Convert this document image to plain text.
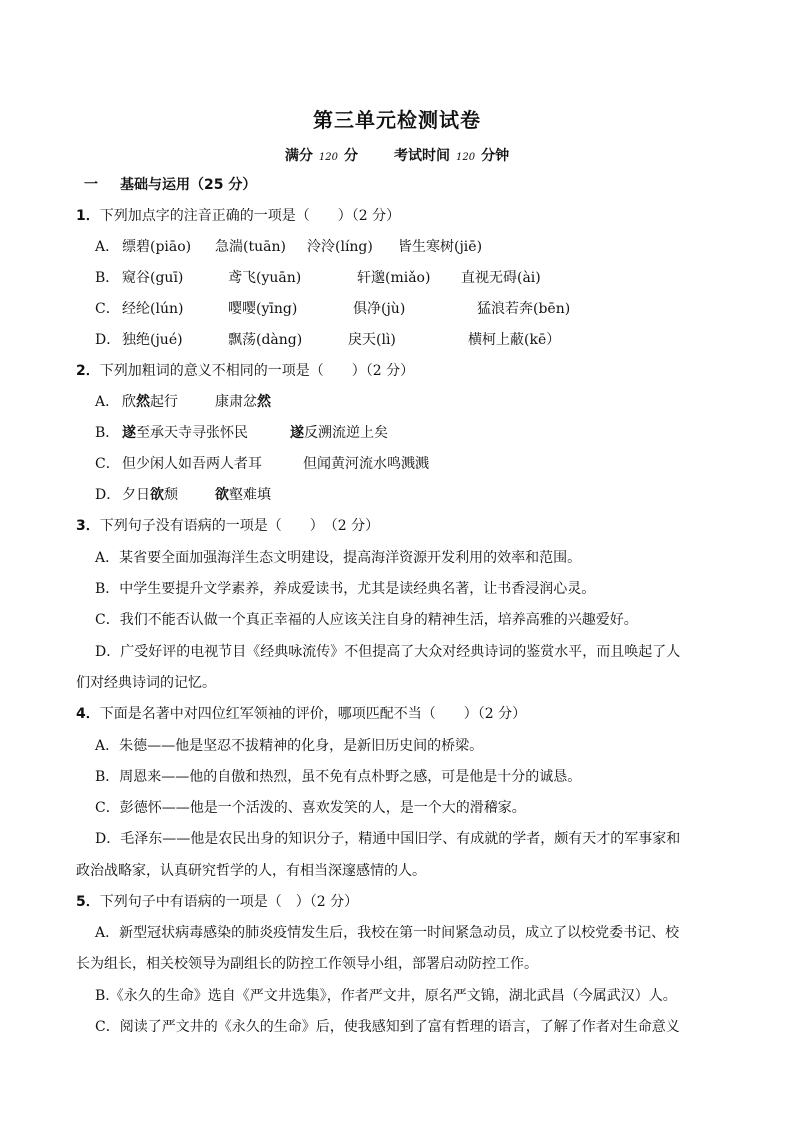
第三单元检测试卷
满分 120 分	考试时间 120 分钟
一 基础与运用（25 分）
1．下列加点字的注音正确的一项是（　　）（2 分）
A． 缥碧(piāo) 急湍(tuān) 泠泠(líng) 皆生寒树(jiē)
B． 窥谷(guī)	鸢飞(yuān)	轩邈(miǎo) 直视无碍(ài)
C． 经纶(lún)	嘤嘤(yīng)	俱净(jù)	猛浪若奔(bēn)
D． 独绝(jué)	飘荡(dàng)	戾天(lì)	横柯上蔽(kē）
2．下列加粗词的意义不相同的一项是（　　）（2 分）
A． 欣然起行	康肃忿然
B． 遂至承天寺寻张怀民	遂反溯流逆上矣
C． 但少闲人如吾两人者耳	但闻黄河流水鸣溅溅
D． 夕日欲颓	欲壑难填
3．下列句子没有语病的一项是（　　）　（2 分）
A．某省要全面加强海洋生态文明建设，提高海洋资源开发利用的效率和范围。
B．中学生要提升文学素养，养成爱读书，尤其是读经典名著，让书香浸润心灵。
C．我们不能否认做一个真正幸福的人应该关注自身的精神生活，培养高雅的兴趣爱好。
D．广受好评的电视节目《经典咏流传》不但提高了大众对经典诗词的鉴赏水平，而且唤起了人
们对经典诗词的记忆。
4．下面是名著中对四位红军领袖的评价，哪项匹配不当（　　）（2 分）
A．朱德——他是坚忍不拔精神的化身，是新旧历史间的桥梁。
B．周恩来——他的自傲和热烈，虽不免有点朴野之感，可是他是十分的诚恳。
C．彭德怀——他是一个活泼的、喜欢发笑的人，是一个大的滑稽家。
D．毛泽东——他是农民出身的知识分子，精通中国旧学、有成就的学者，颇有天才的军事家和
政治战略家，认真研究哲学的人，有相当深邃感情的人。
5．下列句子中有语病的一项是（　）（2 分）
A．新型冠状病毒感染的肺炎疫情发生后，我校在第一时间紧急动员，成立了以校党委书记、校
长为组长，相关校领导为副组长的防控工作领导小组，部署启动防控工作。
B.《永久的生命》选自《严文井选集》，作者严文井，原名严文锦，湖北武昌（今属武汉）人。
C．阅读了严文井的《永久的生命》后，使我感知到了富有哲理的语言，了解了作者对生命意义
